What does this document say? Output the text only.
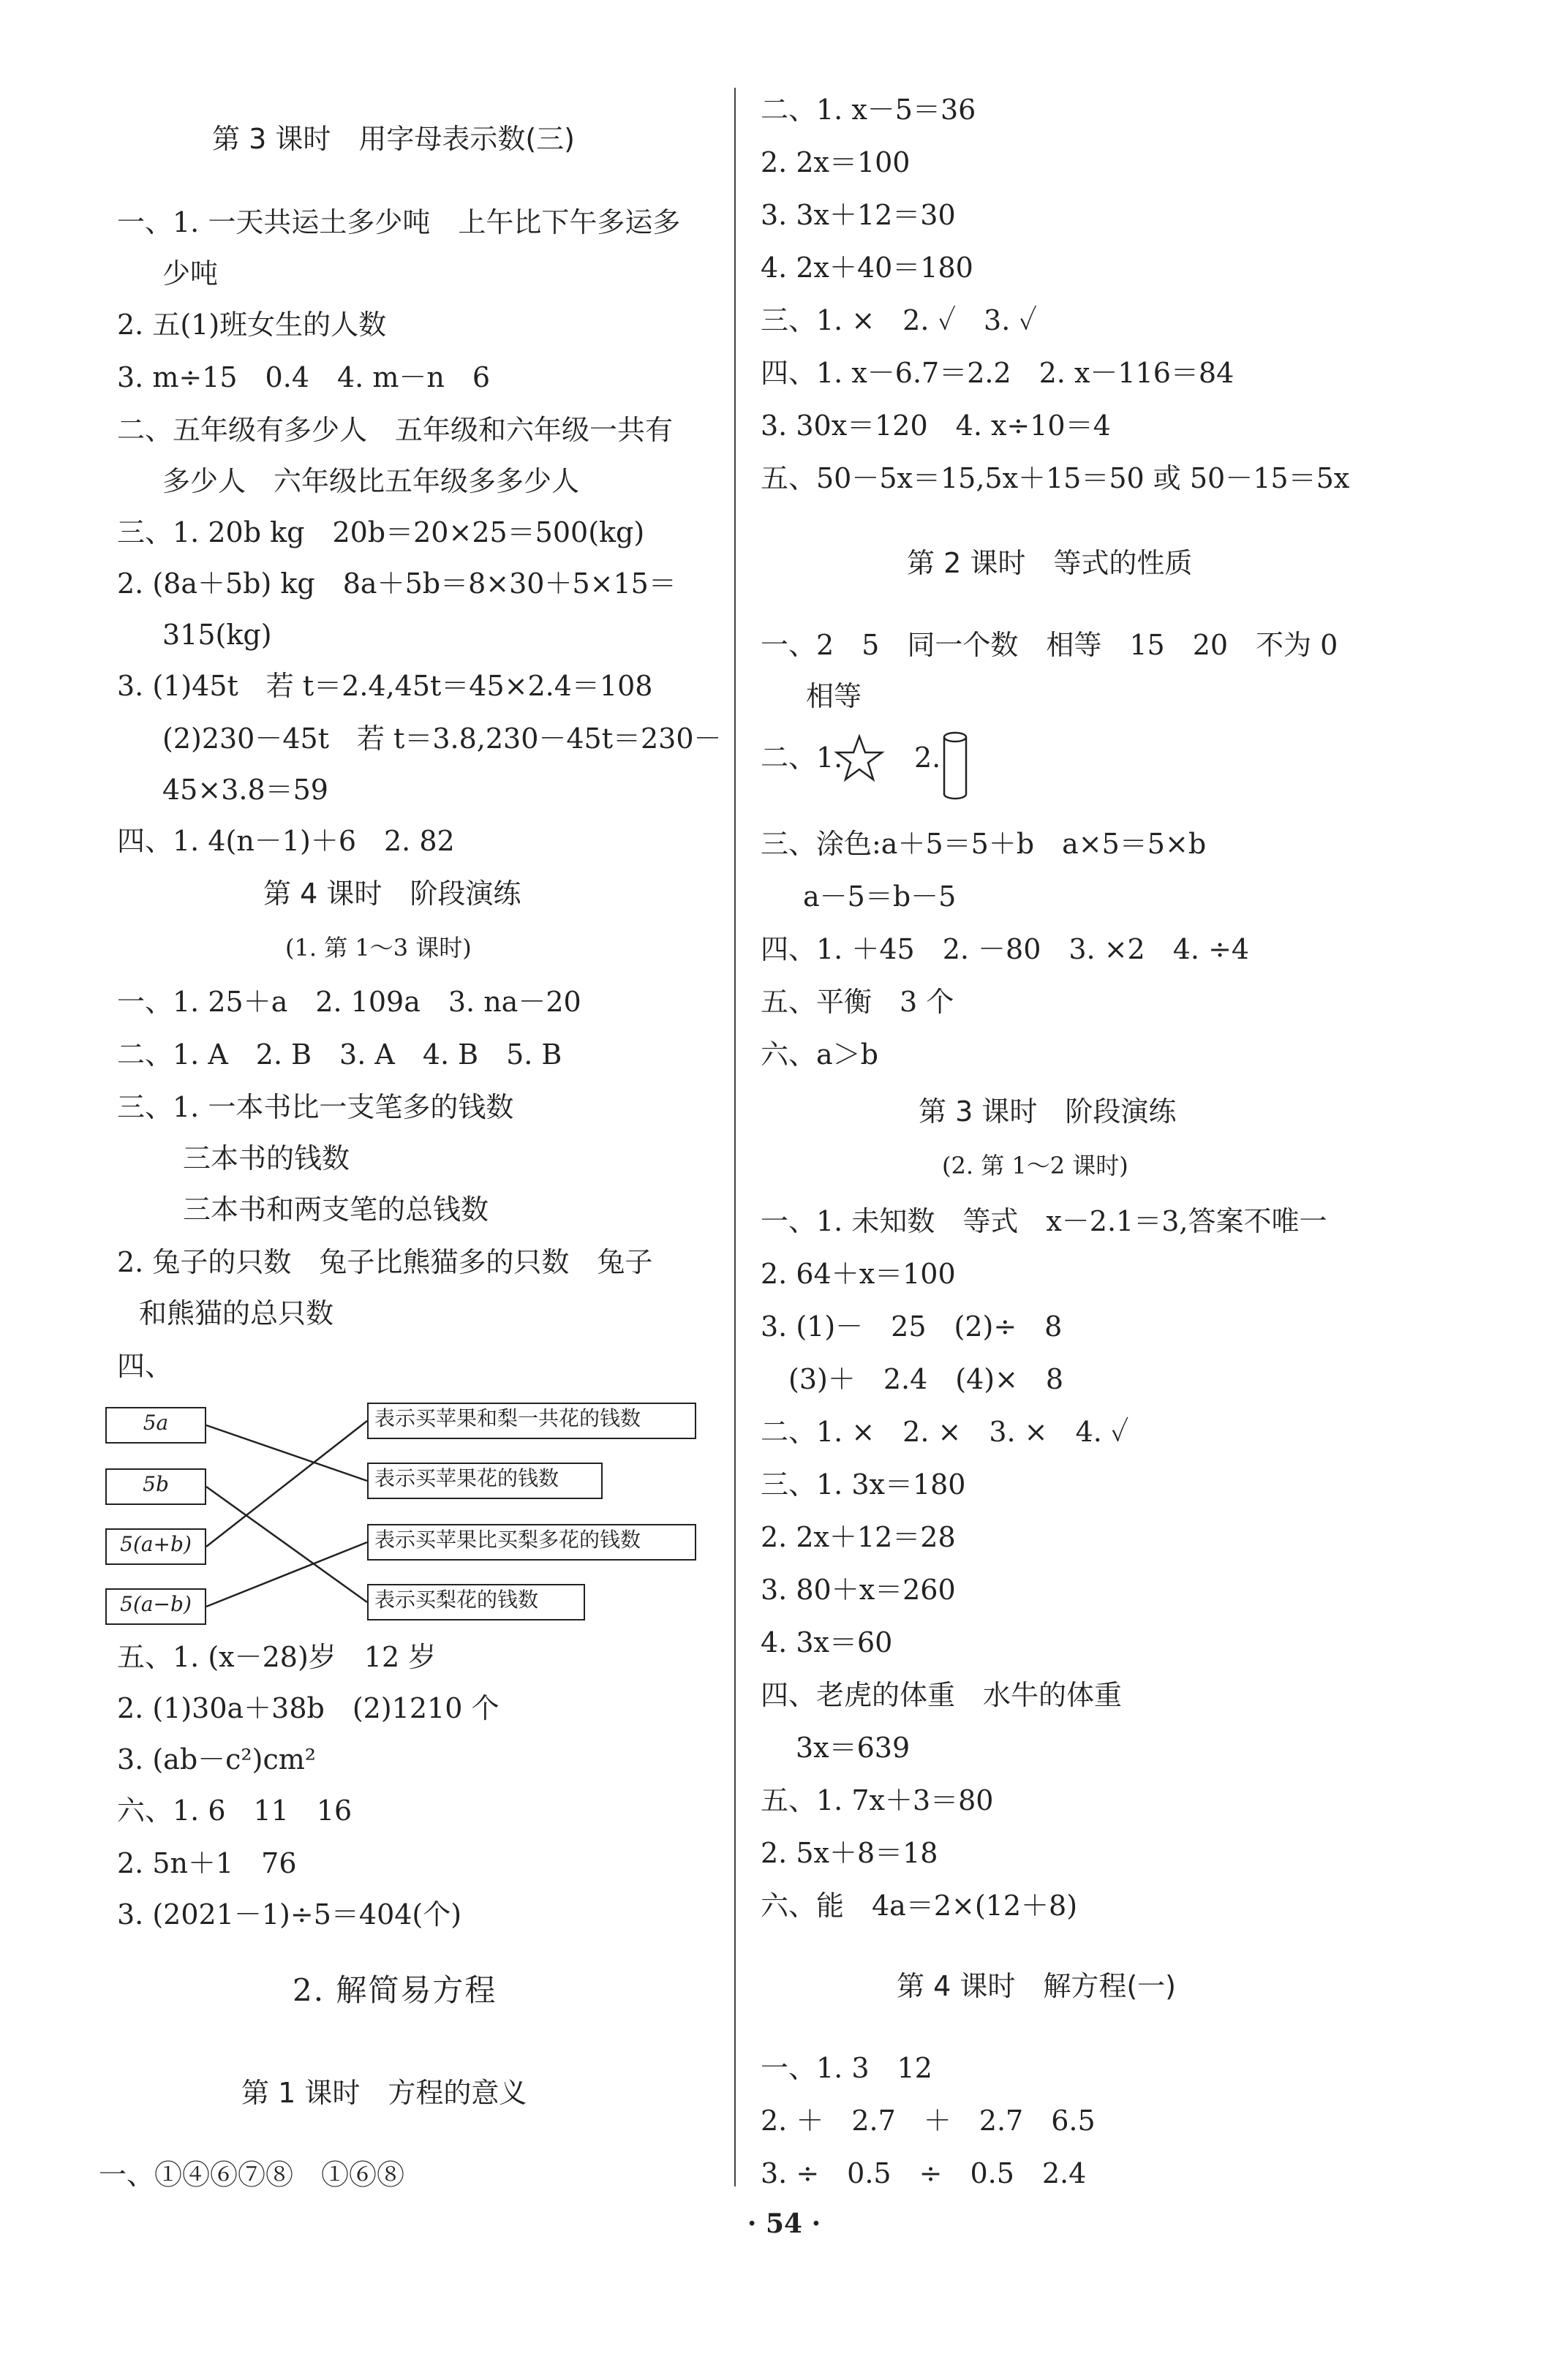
第 3 课时　用字母表示数(三)
一、1. 一天共运土多少吨　上午比下午多运多
少吨
2. 五(1)班女生的人数
3. m÷15　0.4　4. m－n　6
二、五年级有多少人　五年级和六年级一共有
多少人　六年级比五年级多多少人
三、1. 20b kg　20b＝20×25＝500(kg)
2. (8a＋5b) kg　8a＋5b＝8×30＋5×15＝
315(kg)
3. (1)45t　若 t＝2.4,45t＝45×2.4＝108
(2)230－45t　若 t＝3.8,230－45t＝230－
45×3.8＝59
四、1. 4(n－1)＋6　2. 82
第 4 课时　阶段演练
(1. 第 1～3 课时)
一、1. 25＋a　2. 109a　3. na－20
二、1. A　2. B　3. A　4. B　5. B
三、1. 一本书比一支笔多的钱数
三本书的钱数
三本书和两支笔的总钱数
2. 兔子的只数　兔子比熊猫多的只数　兔子
和熊猫的总只数
四、
五、1. (x－28)岁　12 岁
2. (1)30a＋38b　(2)1210 个
3. (ab－c²)cm²
六、1. 6　11　16
2. 5n＋1　76
3. (2021－1)÷5＝404(个)
2. 解简易方程
第 1 课时　方程的意义
一、①④⑥⑦⑧　①⑥⑧
二、1. x－5＝36
2. 2x＝100
3. 3x＋12＝30
4. 2x＋40＝180
三、1. ×　2. ✓　3. ✓
四、1. x－6.7＝2.2　2. x－116＝84
3. 30x＝120　4. x÷10＝4
五、50－5x＝15,5x＋15＝50 或 50－15＝5x
第 2 课时　等式的性质
一、2　5　同一个数　相等　15　20　不为 0
相等
二、1.	2.
三、涂色:a＋5＝5＋b　a×5＝5×b
a－5＝b－5
四、1. ＋45　2. －80　3. ×2　4. ÷4
五、平衡　3 个
六、a＞b
第 3 课时　阶段演练
(2. 第 1～2 课时)
一、1. 未知数　等式　x－2.1＝3,答案不唯一
2. 64＋x＝100
3. (1)－　25　(2)÷　8
(3)＋　2.4　(4)×　8
二、1. ×　2. ×　3. ×　4. ✓
三、1. 3x＝180
2. 2x＋12＝28
3. 80＋x＝260
4. 3x＝60
四、老虎的体重　水牛的体重
3x＝639
五、1. 7x＋3＝80
2. 5x＋8＝18
六、能　4a＝2×(12＋8)
第 4 课时　解方程(一)
一、1. 3　12
2. ＋　2.7　＋　2.7　6.5
3. ÷　0.5　÷　0.5　2.4
5a
5b
5(a+b)
5(a−b)
表示买苹果和梨一共花的钱数
表示买苹果花的钱数
表示买苹果比买梨多花的钱数
表示买梨花的钱数
· 54 ·
